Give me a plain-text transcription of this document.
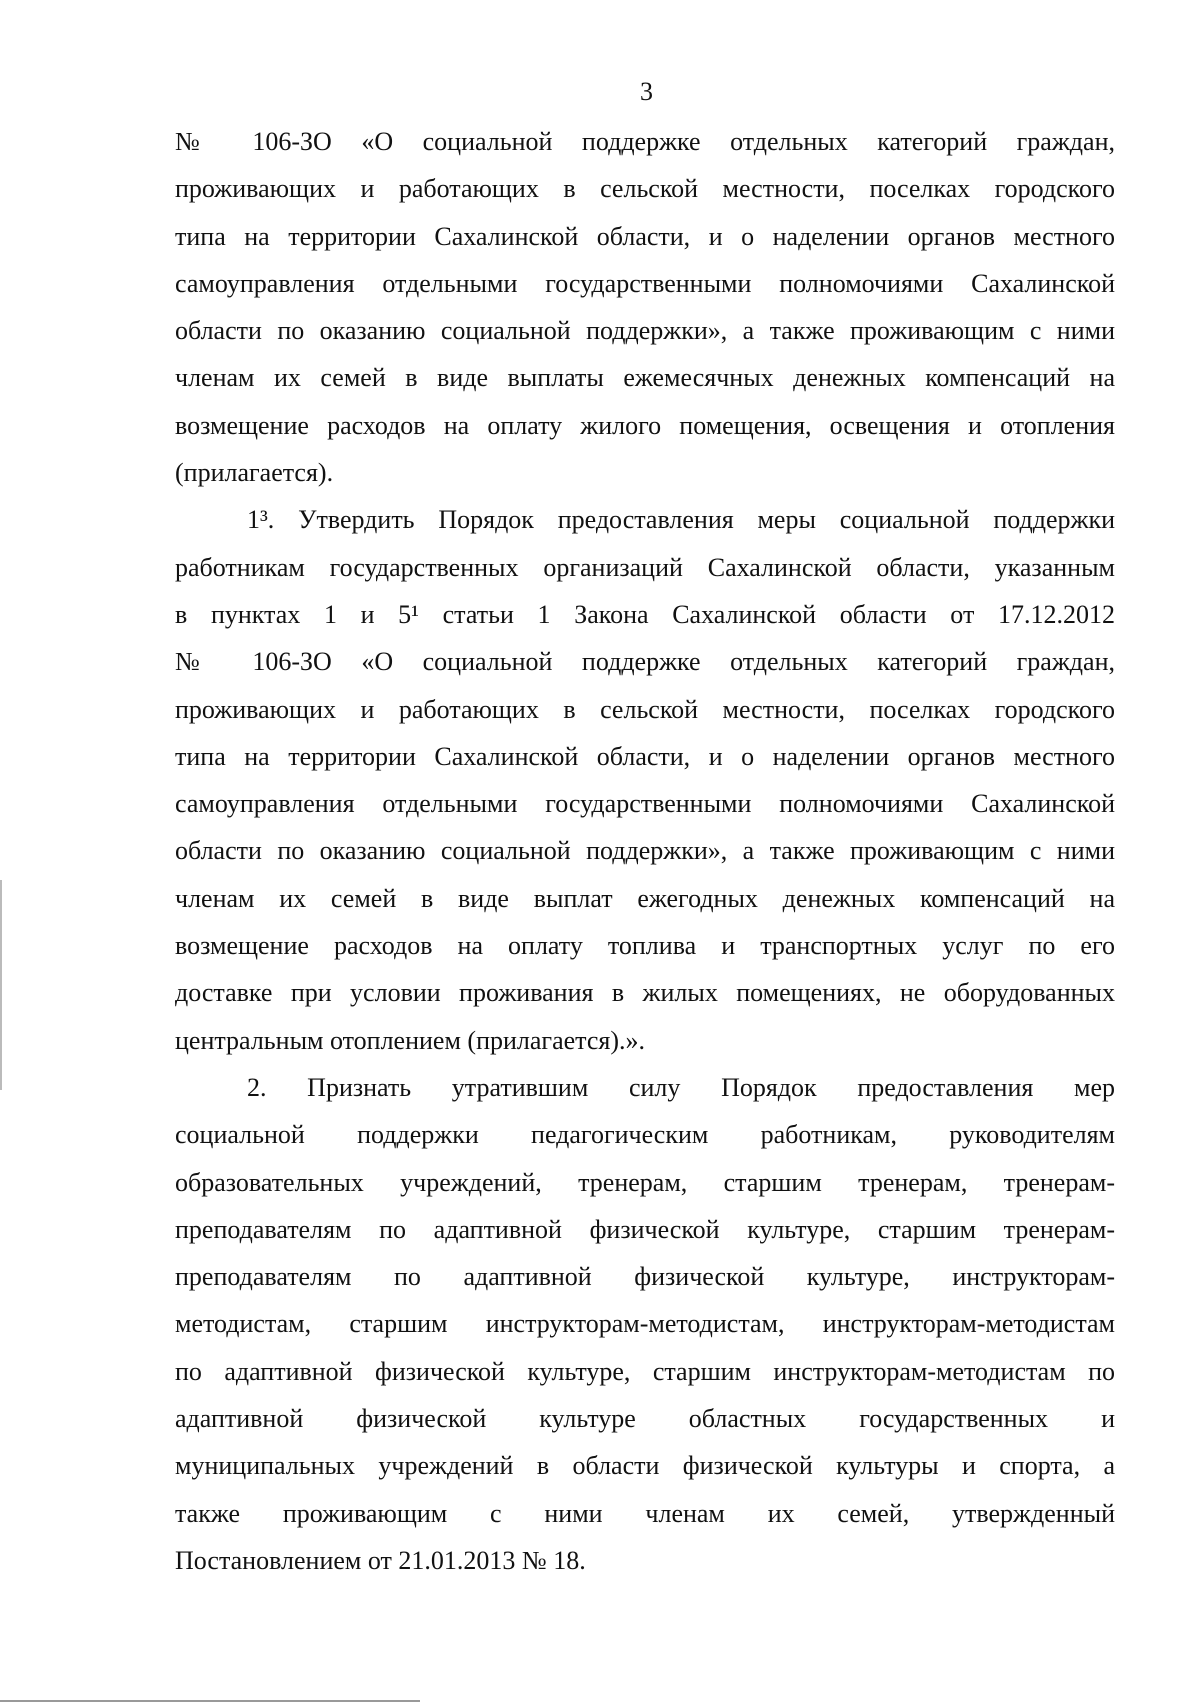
3
№ 106-ЗО «О социальной поддержке отдельных категорий граждан,
проживающих и работающих в сельской местности, поселках городского
типа на территории Сахалинской области, и о наделении органов местного
самоуправления отдельными государственными полномочиями Сахалинской
области по оказанию социальной поддержки», а также проживающим с ними
членам их семей в виде выплаты ежемесячных денежных компенсаций на
возмещение расходов на оплату жилого помещения, освещения и отопления
(прилагается).
1³. Утвердить Порядок предоставления меры социальной поддержки
работникам государственных организаций Сахалинской области, указанным
в пунктах 1 и 5¹ статьи 1 Закона Сахалинской области от 17.12.2012
№ 106-ЗО «О социальной поддержке отдельных категорий граждан,
проживающих и работающих в сельской местности, поселках городского
типа на территории Сахалинской области, и о наделении органов местного
самоуправления отдельными государственными полномочиями Сахалинской
области по оказанию социальной поддержки», а также проживающим с ними
членам их семей в виде выплат ежегодных денежных компенсаций на
возмещение расходов на оплату топлива и транспортных услуг по его
доставке при условии проживания в жилых помещениях, не оборудованных
центральным отоплением (прилагается).».
2. Признать утратившим силу Порядок предоставления мер
социальной поддержки педагогическим работникам, руководителям
образовательных учреждений, тренерам, старшим тренерам, тренерам-
преподавателям по адаптивной физической культуре, старшим тренерам-
преподавателям по адаптивной физической культуре, инструкторам-
методистам, старшим инструкторам-методистам, инструкторам-методистам
по адаптивной физической культуре, старшим инструкторам-методистам по
адаптивной физической культуре областных государственных и
муниципальных учреждений в области физической культуры и спорта, а
также проживающим с ними членам их семей, утвержденный
Постановлением от 21.01.2013 № 18.
